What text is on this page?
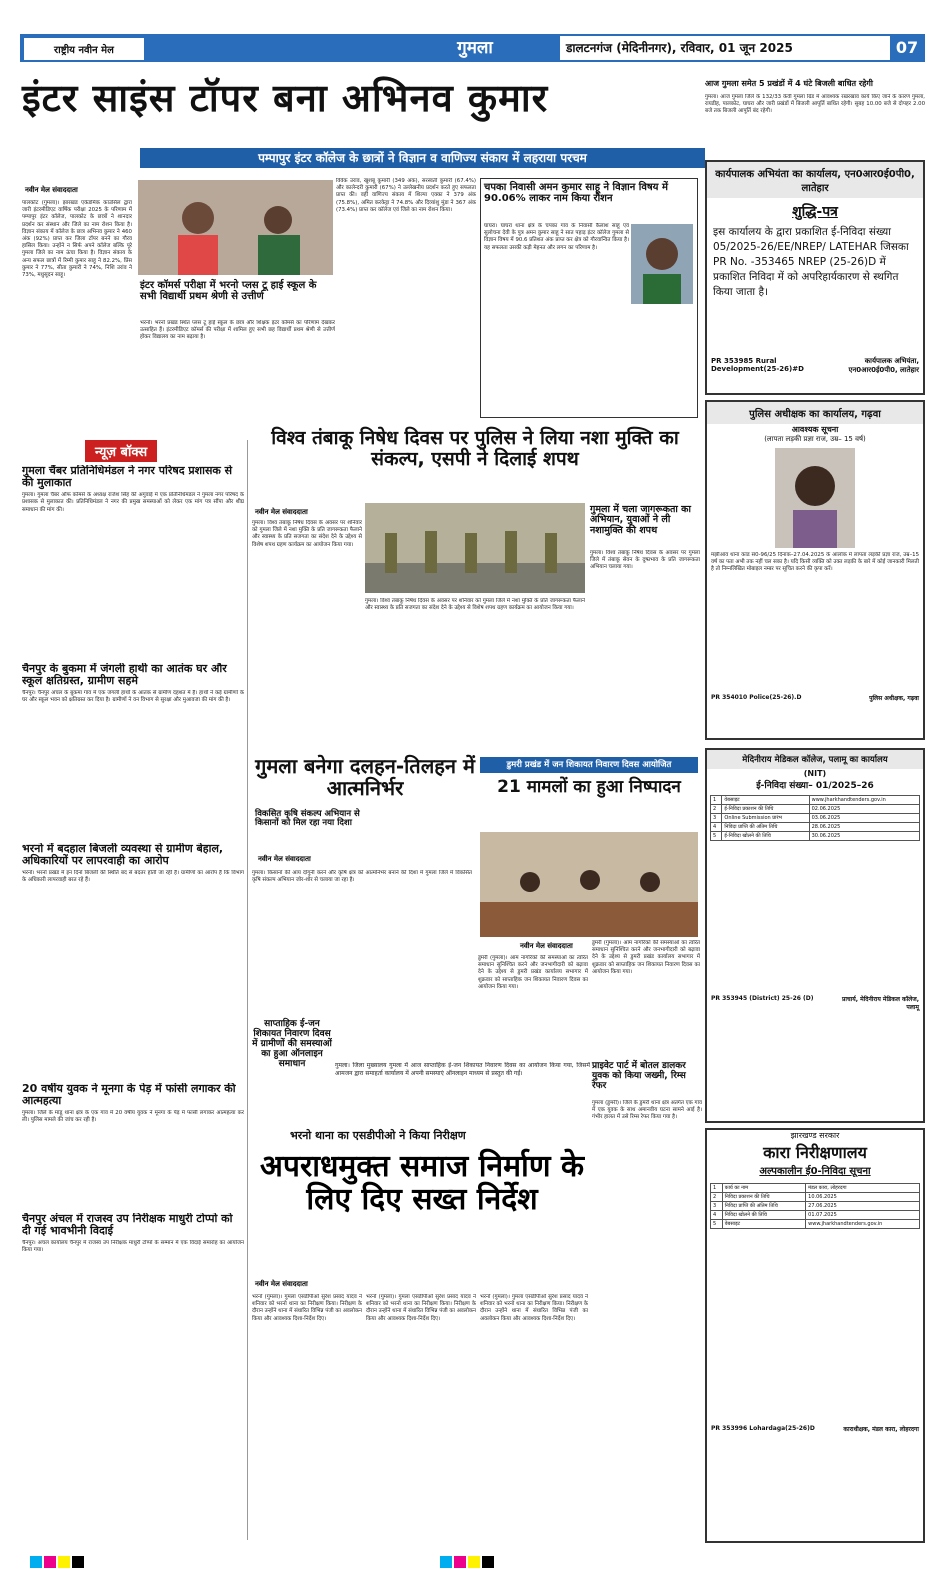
राष्ट्रीय नवीन मेल	गुमला	डालटनगंज (मेदिनीनगर), रविवार, 01 जून 2025	07
आज गुमला समेत 5 प्रखंडों में 4 घंटे बिजली बाधित रहेगी
गुमला। आज गुमला जिले के 132/33 केवी गुमला ग्रिड में आवश्यक रखरखाव कार्य किए जाने के कारण गुमला, रायडीह, पालकोट, घाघरा और जारी प्रखंडों में बिजली आपूर्ति बाधित रहेगी। सुबह 10.00 बजे से दोपहर 2.00 बजे तक बिजली आपूर्ति बंद रहेगी।
इंटर साइंस टॉपर बना अभिनव कुमार
पम्पापुर इंटर कॉलेज के छात्रों ने विज्ञान व वाणिज्य संकाय में लहराया परचम
नवीन मेल संवाददाता
पालकोट (गुमला)। झारखंड एकेडमिक काउंसिल द्वारा जारी इंटरमीडिएट वार्षिक परीक्षा 2025 के परिणाम में पम्पापुर इंटर कॉलेज, पालकोट के छात्रों ने शानदार प्रदर्शन कर संस्थान और जिले का नाम रोशन किया है। विज्ञान संकाय में कॉलेज के छात्र अभिनव कुमार ने 460 अंक (92%) प्राप्त कर जिला टॉपर बनने का गौरव हासिल किया। उन्होंने न सिर्फ अपने कॉलेज बल्कि पूरे गुमला जिले का नाम ऊंचा किया है। विज्ञान संकाय के अन्य सफल छात्रों में रिम्मी कुमार साहू ने 82.2%, प्रिंस कुमार ने 77%, सीता कुमारी ने 74%, निशि उरांव ने 73%, मधुसूदन साहू।
इंटर कॉमर्स परीक्षा में भरनो प्लस टू हाई स्कूल के सभी विद्यार्थी प्रथम श्रेणी से उत्तीर्ण
भरनो। भरनो प्रखंड स्थित प्लस टू हाई स्कूल के छात्र और शिक्षक इंटर कॉमर्स का परिणाम देखकर उत्साहित हैं। इंटरमीडिएट कॉमर्स की परीक्षा में शामिल हुए सभी छह विद्यार्थी प्रथम श्रेणी से उत्तीर्ण होकर विद्यालय का नाम बढ़ाया है।
विवेक उरांव, खुशबू कुमारी (349 अंक), सरस्वती कुमारी (67.4%) और कालेन्दरी कुमारी (67%) ने उल्लेखनीय प्रदर्शन करते हुए सफलता प्राप्त की। वहीं वाणिज्य संकाय में शिल्पा एक्का ने 379 अंक (75.8%), अमित करकेट्टा ने 74.8% और दिव्यांशु मुंडा ने 367 अंक (73.4%) प्राप्त कर कॉलेज एवं जिले का नाम रोशन किया।
चपका निवासी अमन कुमार साहू ने विज्ञान विषय में 90.06% लाकर नाम किया रौशन
घाघरा। घाघरा थाना क्षेत्र के चपका गांव के निवासी कैलाश साहू एवं सुलोचना देवी के पुत्र अमन कुमार साहू ने सात पहाड़ इंटर कॉलेज गुमला से विज्ञान विषय में 90.6 प्रतिशत अंक प्राप्त कर क्षेत्र को गौरवान्वित किया है। यह सफलता उसकी कड़ी मेहनत और लगन का परिणाम है।
कार्यपालक अभियंता का कार्यालय, एन0आर0ई0पी0, लातेहार
शुद्धि-पत्र
इस कार्यालय के द्वारा प्रकाशित ई-निविदा संख्या 05/2025-26/EE/NREP/ LATEHAR जिसका PR No. -353465 NREP (25-26)D में प्रकाशित निविदा में को अपरिहार्यकारण से स्थगित किया जाता है।
PR 353985 Rural Development(25-26)#D
कार्यपालक अभियंता, एन0आर0ई0पी0, लातेहार
पुलिस अधीक्षक का कार्यालय, गढ़वा
आवश्यक सूचना
(लापता लड़की प्रज्ञा राज, उम्र– 15 वर्ष)
मझीआंव थाना कांड सं0-96/25 दिनांक–27.04.2025 के आलोक में लापता लड़की प्रज्ञा राज, उम्र–15 वर्ष का पता अभी तक नहीं चल सका है। यदि किसी व्यक्ति को उक्त लड़की के बारे में कोई जानकारी मिलती है तो निम्नलिखित मोबाइल नम्बर पर सूचित करने की कृपा करें।
PR 354010 Police(25-26).D	पुलिस अधीक्षक, गढ़वा
न्यूज़ बॉक्स
गुमला चैंबर प्रतिनिधिमंडल ने नगर परिषद प्रशासक से की मुलाकात
गुमला। गुमला चैंबर ऑफ कॉमर्स के अध्यक्ष राजेश सिंह की अगुवाई में एक प्रतिनिधिमंडल ने गुमला नगर परिषद के प्रशासक से मुलाकात की। प्रतिनिधिमंडल ने नगर की प्रमुख समस्याओं को लेकर एक मांग पत्र सौंपा और शीघ्र समाधान की मांग की।
चैनपुर के बुकमा में जंगली हाथी का आतंक घर और स्कूल क्षतिग्रस्त, ग्रामीण सहमे
चैनपुर। चैनपुर अंचल के बुकमा गांव में एक जंगली हाथी के आतंक से ग्रामीण दहशत में हैं। हाथी ने कई ग्रामीणों के घर और स्कूल भवन को क्षतिग्रस्त कर दिया है। ग्रामीणों ने वन विभाग से सुरक्षा और मुआवजा की मांग की है।
भरनो में बदहाल बिजली व्यवस्था से ग्रामीण बेहाल, अधिकारियों पर लापरवाही का आरोप
भरनो। भरनो प्रखंड में इन दिनों बिजली की स्थिति बद से बदतर होती जा रही है। ग्रामीणों का आरोप है कि विभाग के अधिकारी लापरवाही बरत रहे हैं।
20 वर्षीय युवक ने मूनगा के पेड़ में फांसी लगाकर की आत्महत्या
गुमला। जिले के मांडू थाना क्षेत्र के एक गांव में 20 वर्षीय युवक ने मूनगा के पेड़ में फांसी लगाकर आत्महत्या कर ली। पुलिस मामले की जांच कर रही है।
चैनपुर अंचल में राजस्व उप निरीक्षक माधुरी टोप्पो को दी गई भावभीनी विदाई
चैनपुर। अंचल कार्यालय चैनपुर में राजस्व उप निरीक्षक माधुरी टोप्पो के सम्मान में एक विदाई समारोह का आयोजन किया गया।
विश्व तंबाकू निषेध दिवस पर पुलिस ने लिया नशा मुक्ति का संकल्प, एसपी ने दिलाई शपथ
नवीन मेल संवाददाता
गुमला। विश्व तंबाकू निषेध दिवस के अवसर पर शनिवार को गुमला जिले में नशा मुक्ति के प्रति जागरूकता फैलाने और स्वास्थ्य के प्रति सजगता का संदेश देने के उद्देश्य से विशेष शपथ ग्रहण कार्यक्रम का आयोजन किया गया।
गुमला। विश्व तंबाकू निषेध दिवस के अवसर पर शनिवार को गुमला जिले में नशा मुक्ति के प्रति जागरूकता फैलाने और स्वास्थ्य के प्रति सजगता का संदेश देने के उद्देश्य से विशेष शपथ ग्रहण कार्यक्रम का आयोजन किया गया।
गुमला में चला जागरूकता का अभियान, युवाओं ने ली नशामुक्ति की शपथ
गुमला। विश्व तंबाकू निषेध दिवस के अवसर पर गुमला जिले में तंबाकू सेवन के दुष्प्रभाव के प्रति जागरूकता अभियान चलाया गया।
गुमला बनेगा दलहन-तिलहन में आत्मनिर्भर
विकसित कृषि संकल्प अभियान से किसानों को मिल रहा नया दिशा
नवीन मेल संवाददाता
गुमला। किसानों की आय दोगुनी करने और कृषि क्षेत्र को आत्मनिर्भर बनाने की दिशा में गुमला जिले में विकसित कृषि संकल्प अभियान जोर-शोर से चलाया जा रहा है।
साप्ताहिक ई-जन शिकायत निवारण दिवस में ग्रामीणों की समस्याओं का हुआ ऑनलाइन समाधान
डुमरी प्रखंड में जन शिकायत निवारण दिवस आयोजित
21 मामलों का हुआ निष्पादन
नवीन मेल संवाददाता
डुमरी (गुमला)। आम नागरिकों की समस्याओं का त्वरित समाधान सुनिश्चित करने और जनभागीदारी को बढ़ावा देने के उद्देश्य से डुमरी प्रखंड कार्यालय सभागार में शुक्रवार को साप्ताहिक जन शिकायत निवारण दिवस का आयोजन किया गया।
डुमरी (गुमला)। आम नागरिकों की समस्याओं का त्वरित समाधान सुनिश्चित करने और जनभागीदारी को बढ़ावा देने के उद्देश्य से डुमरी प्रखंड कार्यालय सभागार में शुक्रवार को साप्ताहिक जन शिकायत निवारण दिवस का आयोजन किया गया।
गुमला। जिला मुख्यालय गुमला में आज साप्ताहिक ई-जन शिकायत निवारण दिवस का आयोजन किया गया, जिसमें आमजन द्वारा समाहर्ता कार्यालय में अपनी समस्याएं ऑनलाइन माध्यम से प्रस्तुत की गईं।
प्राइवेट पार्ट में बोतल डालकर युवक को किया जख्मी, रिम्स रेफर
गुमला (डुमरी)। जिले के डुमरी थाना क्षेत्र अंतर्गत एक गांव में एक युवक के साथ अमानवीय घटना सामने आई है। गंभीर हालत में उसे रिम्स रेफर किया गया है।
मेदिनीराय मेडिकल कॉलेज, पलामू का कार्यालय
(NIT)
ई-निविदा संख्या– 01/2025–26
1	वेबसाइट	www.jharkhandtenders.gov.in
2	ई-निविदा प्रकाशन की तिथि	02.06.2025
3	Online Submission प्रारंभ	03.06.2025
4	निविदा प्राप्ति की अंतिम तिथि	28.06.2025
5	ई-निविदा खोलने की तिथि	30.06.2025
PR 353945 (District) 25-26 (D)	प्राचार्य, मेदिनीराय मेडिकल कॉलेज, पलामू
भरनो थाना का एसडीपीओ ने किया निरीक्षण
अपराधमुक्त समाज निर्माण के लिए दिए सख्त निर्देश
नवीन मेल संवाददाता
भरनो (गुमला)। गुमला एसडीपीओ सुरेश प्रसाद यादव ने शनिवार को भरनो थाना का निरीक्षण किया। निरीक्षण के दौरान उन्होंने थाना में संधारित विभिन्न पंजी का अवलोकन किया और आवश्यक दिशा-निर्देश दिए।
भरनो (गुमला)। गुमला एसडीपीओ सुरेश प्रसाद यादव ने शनिवार को भरनो थाना का निरीक्षण किया। निरीक्षण के दौरान उन्होंने थाना में संधारित विभिन्न पंजी का अवलोकन किया और आवश्यक दिशा-निर्देश दिए।
भरनो (गुमला)। गुमला एसडीपीओ सुरेश प्रसाद यादव ने शनिवार को भरनो थाना का निरीक्षण किया। निरीक्षण के दौरान उन्होंने थाना में संधारित विभिन्न पंजी का अवलोकन किया और आवश्यक दिशा-निर्देश दिए।
झारखण्ड सरकार
कारा निरीक्षणालय
अल्पकालीन ई0-निविदा सूचना
1	कार्य का नाम	मंडल कारा, लोहरदगा
2	निविदा प्रकाशन की तिथि	10.06.2025
3	निविदा प्राप्ति की अंतिम तिथि	27.06.2025
4	निविदा खोलने की तिथि	01.07.2025
5	वेबसाइट	www.jharkhandtenders.gov.in
PR 353996 Lohardaga(25-26)D	काराधीक्षक, मंडल कारा, लोहरदगा
